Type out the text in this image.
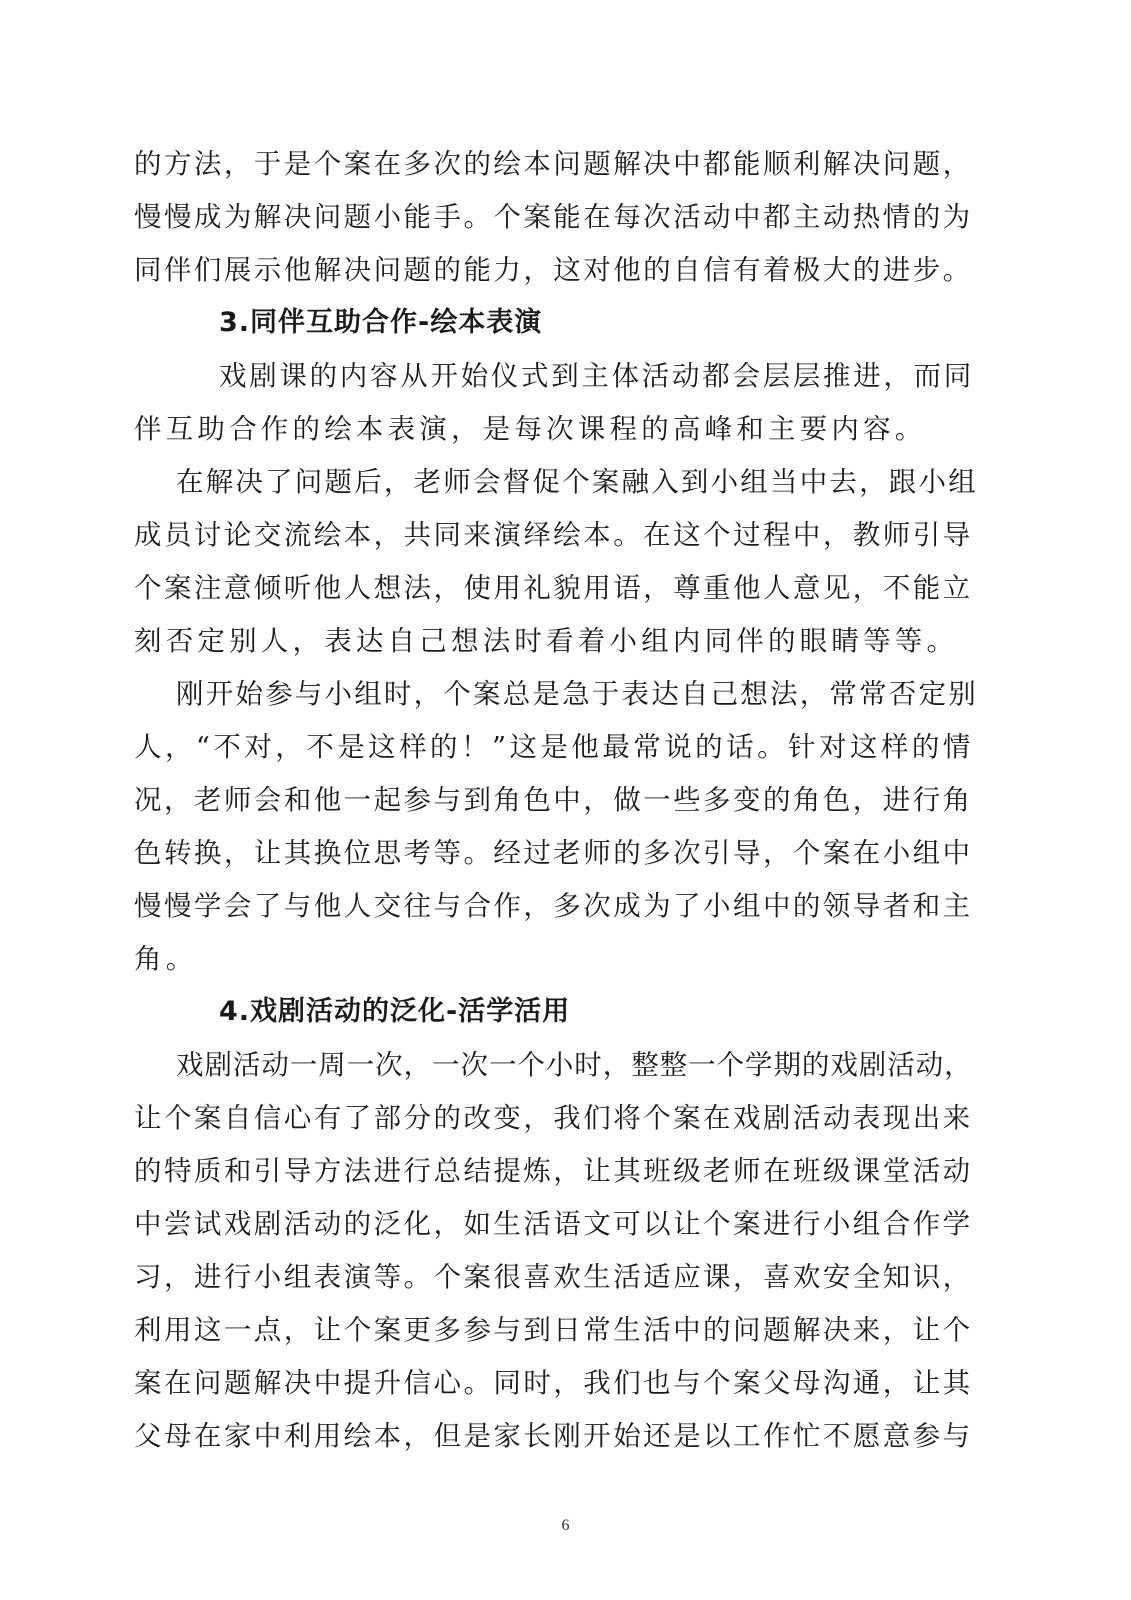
的方法，于是个案在多次的绘本问题解决中都能顺利解决问题，
慢慢成为解决问题小能手。个案能在每次活动中都主动热情的为
同伴们展示他解决问题的能力，这对他的自信有着极大的进步。
3.同伴互助合作-绘本表演
戏剧课的内容从开始仪式到主体活动都会层层推进，而同
伴互助合作的绘本表演，是每次课程的高峰和主要内容。
在解决了问题后，老师会督促个案融入到小组当中去，跟小组
成员讨论交流绘本，共同来演绎绘本。在这个过程中，教师引导
个案注意倾听他人想法，使用礼貌用语，尊重他人意见，不能立
刻否定别人，表达自己想法时看着小组内同伴的眼睛等等。
刚开始参与小组时，个案总是急于表达自己想法，常常否定别
人，“不对，不是这样的！”这是他最常说的话。针对这样的情
况，老师会和他一起参与到角色中，做一些多变的角色，进行角
色转换，让其换位思考等。经过老师的多次引导，个案在小组中
慢慢学会了与他人交往与合作，多次成为了小组中的领导者和主
角。
4.戏剧活动的泛化-活学活用
戏剧活动一周一次，一次一个小时，整整一个学期的戏剧活动，
让个案自信心有了部分的改变，我们将个案在戏剧活动表现出来
的特质和引导方法进行总结提炼，让其班级老师在班级课堂活动
中尝试戏剧活动的泛化，如生活语文可以让个案进行小组合作学
习，进行小组表演等。个案很喜欢生活适应课，喜欢安全知识，
利用这一点，让个案更多参与到日常生活中的问题解决来，让个
案在问题解决中提升信心。同时，我们也与个案父母沟通，让其
父母在家中利用绘本，但是家长刚开始还是以工作忙不愿意参与
6
